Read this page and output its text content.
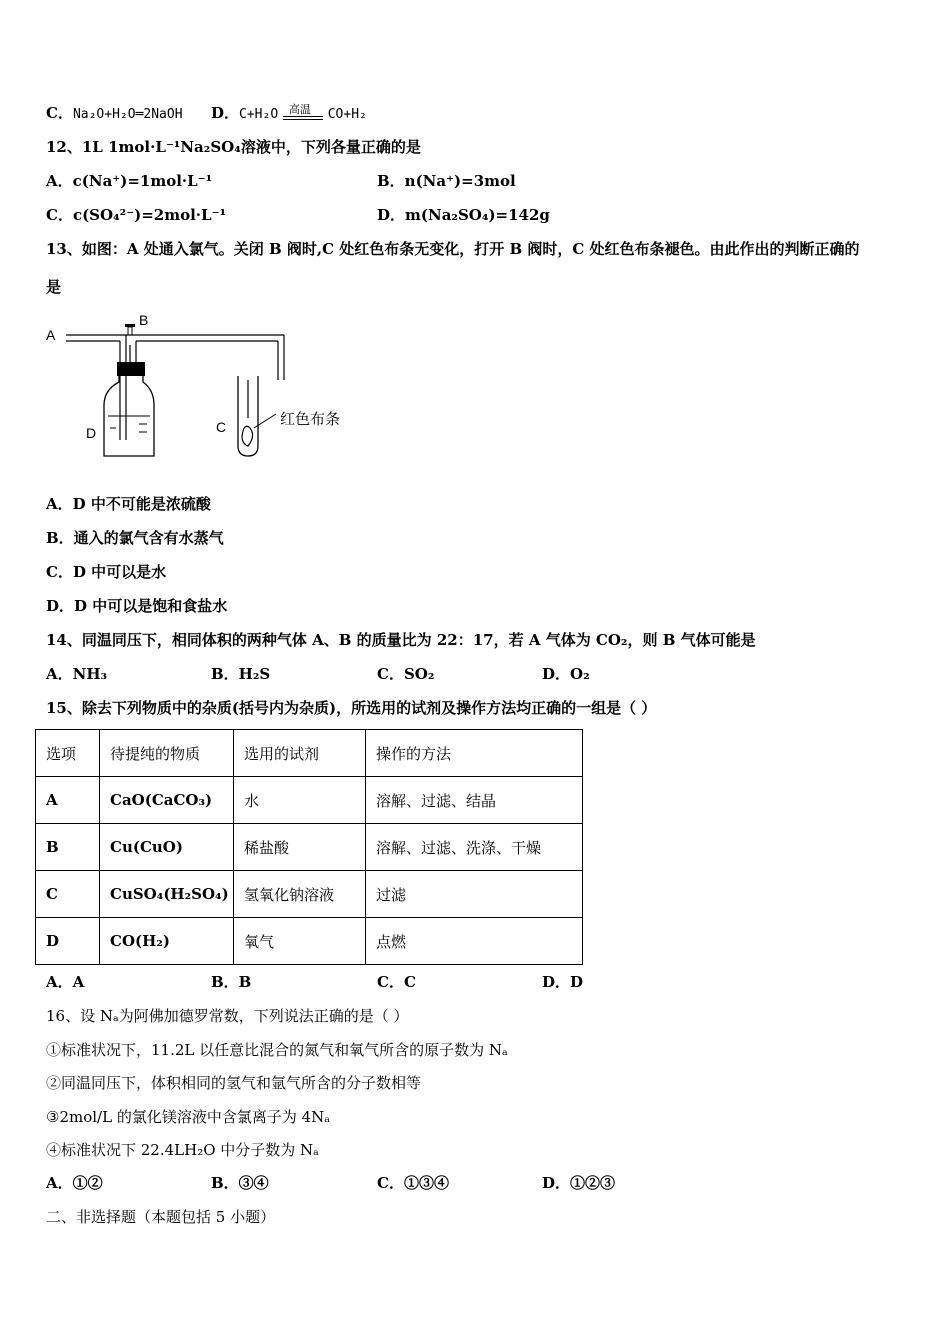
C．Na₂O+H₂O═2NaOH D．C+H₂O 高温 CO+H₂
12、1L 1mol·L⁻¹Na₂SO₄溶液中，下列各量正确的是
A．c(Na⁺)=1mol·L⁻¹	B．n(Na⁺)=3mol
C．c(SO₄²⁻)=2mol·L⁻¹	D．m(Na₂SO₄)=142g
13、如图：A 处通入氯气。关闭 B 阀时,C 处红色布条无变化，打开 B 阀时，C 处红色布条褪色。由此作出的判断正确的
是
A
B
D	C	红色布条
A．D 中不可能是浓硫酸
B．通入的氯气含有水蒸气
C．D 中可以是水
D．D 中可以是饱和食盐水
14、同温同压下，相同体积的两种气体 A、B 的质量比为 22：17，若 A 气体为 CO₂，则 B 气体可能是
A．NH₃	B．H₂S	C．SO₂	D．O₂
15、除去下列物质中的杂质(括号内为杂质)，所选用的试剂及操作方法均正确的一组是（ ）
选项	待提纯的物质	选用的试剂	操作的方法
A	CaO(CaCO₃)	水	溶解、过滤、结晶
B	Cu(CuO)	稀盐酸	溶解、过滤、洗涤、干燥
C	CuSO₄(H₂SO₄)	氢氧化钠溶液	过滤
D	CO(H₂)	氧气	点燃
A．A	B．B	C．C	D．D
16、设 Nₐ为阿佛加德罗常数，下列说法正确的是（ ）
①标准状况下，11.2L 以任意比混合的氮气和氧气所含的原子数为 Nₐ
②同温同压下，体积相同的氢气和氩气所含的分子数相等
③2mol/L 的氯化镁溶液中含氯离子为 4Nₐ
④标准状况下 22.4LH₂O 中分子数为 Nₐ
A．①②	B．③④	C．①③④	D．①②③
二、非选择题（本题包括 5 小题）
